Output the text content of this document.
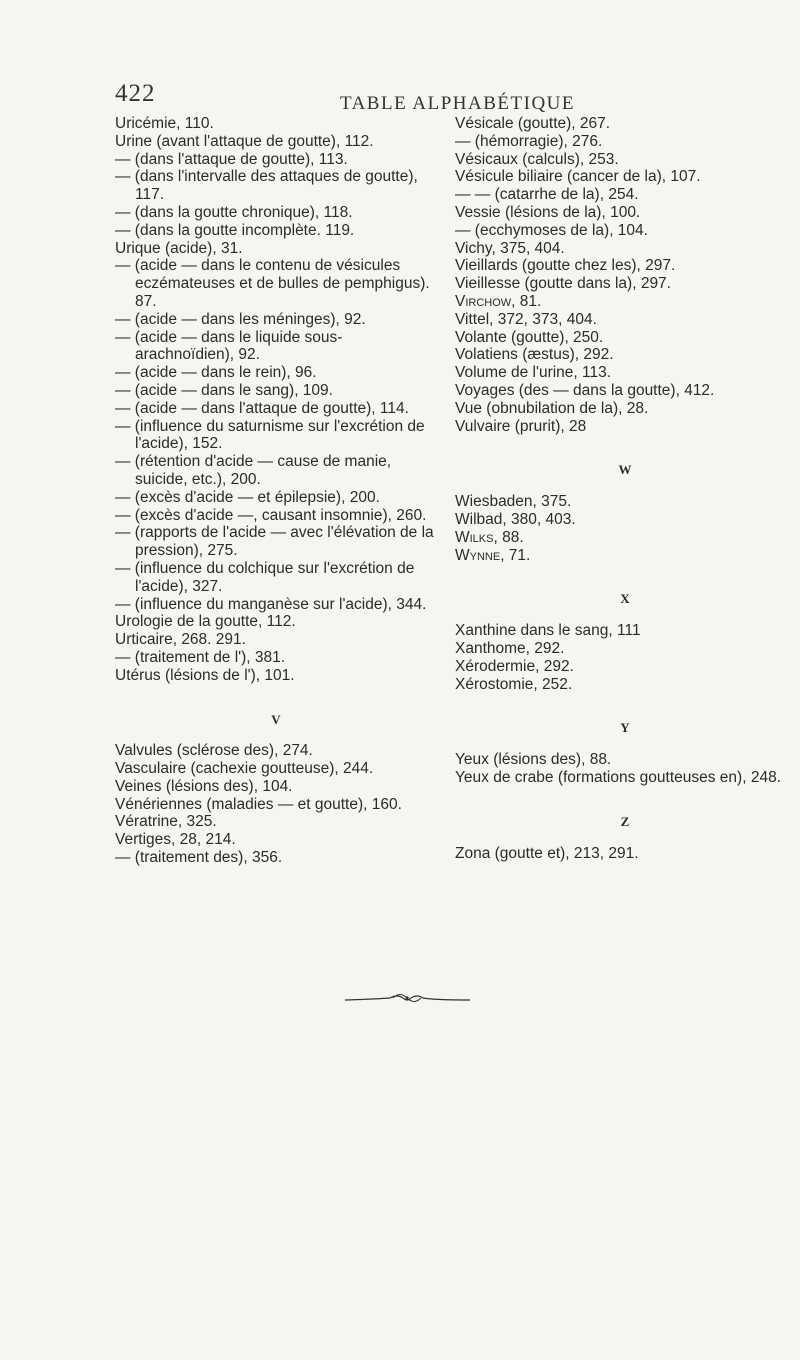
422	TABLE ALPHABÉTIQUE

Uricémie, 110.

Urine (avant l'attaque de goutte), 112.

— (dans l'attaque de goutte), 113.

— (dans l'intervalle des attaques de goutte), 117.

— (dans la goutte chronique), 118.

— (dans la goutte incomplète. 119.

Urique (acide), 31.

— (acide — dans le contenu de vésicules eczémateuses et de bulles de pemphigus). 87.

— (acide — dans les méninges), 92.

— (acide — dans le liquide sous-arachnoïdien), 92.

— (acide — dans le rein), 96.

— (acide — dans le sang), 109.

— (acide — dans l'attaque de goutte), 114.

— (influence du saturnisme sur l'excrétion de l'acide), 152.

— (rétention d'acide — cause de manie, suicide, etc.), 200.

— (excès d'acide — et épilepsie), 200.

— (excès d'acide —, causant insomnie), 260.

— (rapports de l'acide — avec l'élévation de la pression), 275.

— (influence du colchique sur l'excrétion de l'acide), 327.

— (influence du manganèse sur l'acide), 344.

Urologie de la goutte, 112.

Urticaire, 268. 291.

— (traitement de l'), 381.

Utérus (lésions de l'), 101.

V

Valvules (sclérose des), 274.

Vasculaire (cachexie goutteuse), 244.

Veines (lésions des), 104.

Vénériennes (maladies — et goutte), 160.

Vératrine, 325.

Vertiges, 28, 214.

— (traitement des), 356.

Vésicale (goutte), 267.

— (hémorragie), 276.

Vésicaux (calculs), 253.

Vésicule biliaire (cancer de la), 107.

— — (catarrhe de la), 254.

Vessie (lésions de la), 100.

— (ecchymoses de la), 104.

Vichy, 375, 404.

Vieillards (goutte chez les), 297.

Vieillesse (goutte dans la), 297.

Virchow, 81.

Vittel, 372, 373, 404.

Volante (goutte), 250.

Volatiens (æstus), 292.

Volume de l'urine, 113.

Voyages (des — dans la goutte), 412.

Vue (obnubilation de la), 28.

Vulvaire (prurit), 28

W

Wiesbaden, 375.

Wilbad, 380, 403.

Wilks, 88.

Wynne, 71.

X

Xanthine dans le sang, 111

Xanthome, 292.

Xérodermie, 292.

Xérostomie, 252.

Y

Yeux (lésions des), 88.

Yeux de crabe (formations goutteuses en), 248.

Z

Zona (goutte et), 213, 291.
